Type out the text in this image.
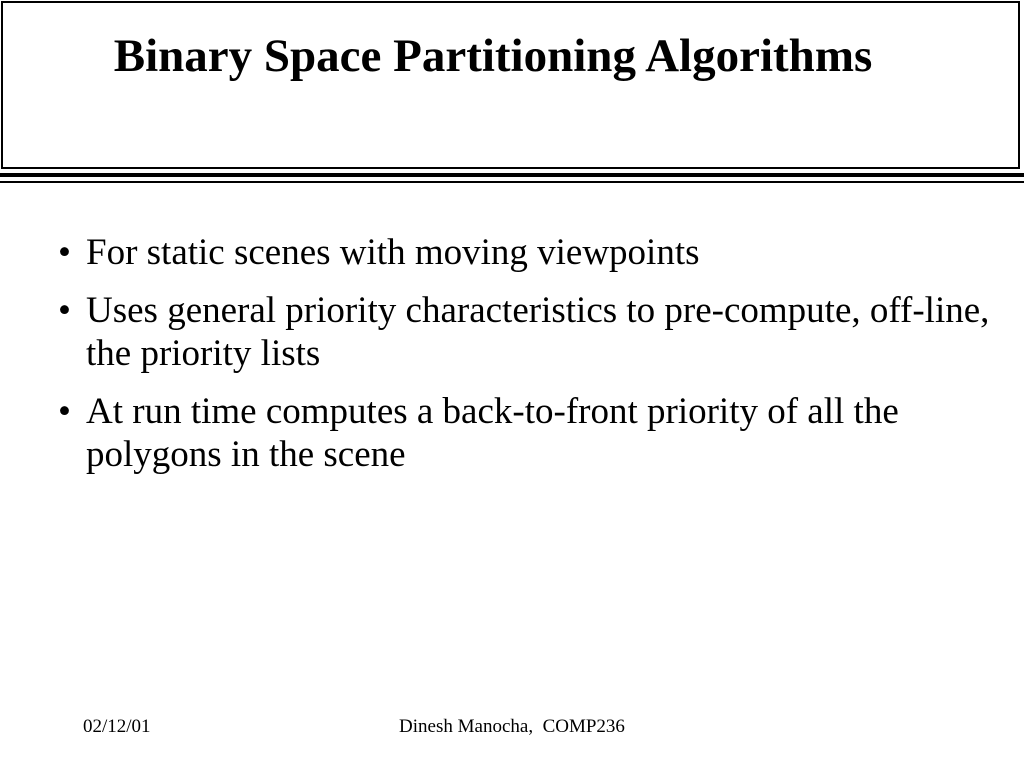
Binary Space Partitioning Algorithms
• For static scenes with moving viewpoints
• Uses general priority characteristics to pre-compute, off-line, the priority lists
• At run time computes a back-to-front priority of all the polygons in the scene
02/12/01	Dinesh Manocha,  COMP236
